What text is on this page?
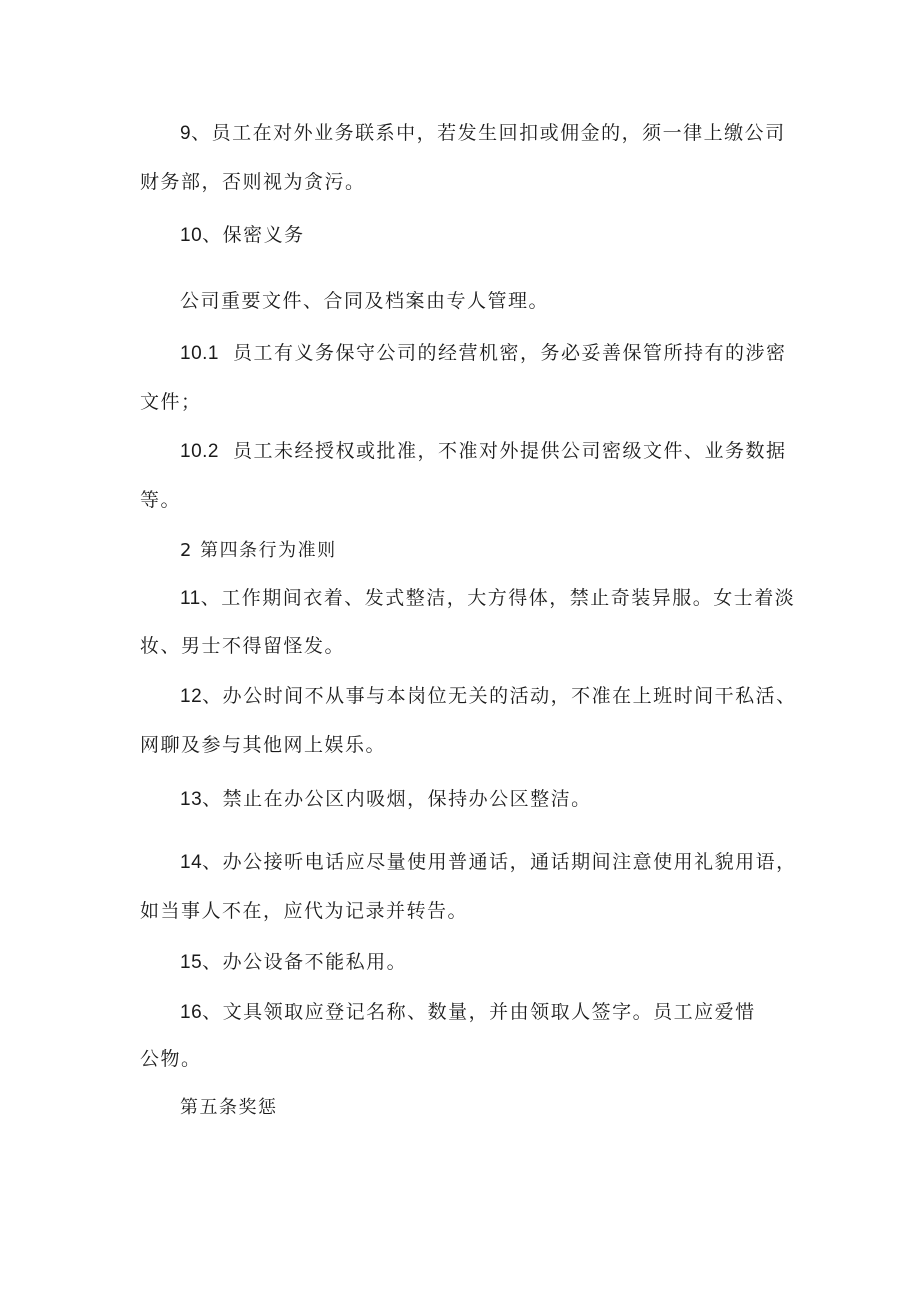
9、员工在对外业务联系中，若发生回扣或佣金的，须一律上缴公司
财务部，否则视为贪污。
10、保密义务
公司重要文件、合同及档案由专人管理。
10.1 员工有义务保守公司的经营机密，务必妥善保管所持有的涉密
文件；
10.2 员工未经授权或批准，不准对外提供公司密级文件、业务数据
等。
2 第四条行为准则
11、工作期间衣着、发式整洁，大方得体，禁止奇装异服。女士着淡
妆、男士不得留怪发。
12、办公时间不从事与本岗位无关的活动，不准在上班时间干私活、
网聊及参与其他网上娱乐。
13、禁止在办公区内吸烟，保持办公区整洁。
14、办公接听电话应尽量使用普通话，通话期间注意使用礼貌用语，
如当事人不在，应代为记录并转告。
15、办公设备不能私用。
16、文具领取应登记名称、数量，并由领取人签字。员工应爱惜
公物。
第五条奖惩
